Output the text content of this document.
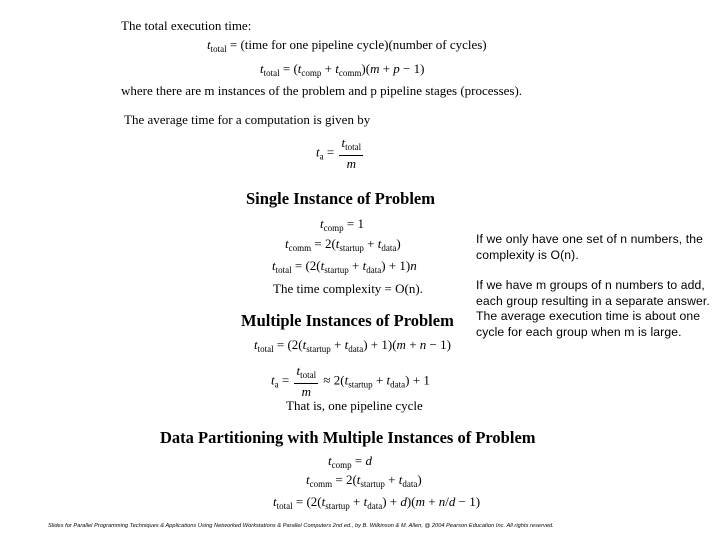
The total execution time:
$t_{total}$ = (time for one pipeline cycle)(number of cycles)
$t_{total} = (t_{comp} + t_{comm})(m + p - 1)$
where there are m instances of the problem and p pipeline stages (processes).
The average time for a computation is given by
$t_a = \frac{t_{total}}{m}$
Single Instance of Problem
$t_{comp} = 1$
$t_{comm} = 2(t_{startup} + t_{data})$
$t_{total} = (2(t_{startup} + t_{data}) + 1)n$
The time complexity = O(n).
Multiple Instances of Problem
$t_{total} = (2(t_{startup} + t_{data}) + 1)(m + n - 1)$
$t_a = \frac{t_{total}}{m} \approx 2(t_{startup} + t_{data}) + 1$
That is, one pipeline cycle
Data Partitioning with Multiple Instances of Problem
$t_{comp} = d$
$t_{comm} = 2(t_{startup} + t_{data})$
$t_{total} = (2(t_{startup} + t_{data}) + d)(m + n/d - 1)$

If we only have one set of n numbers, the complexity is O(n).

If we have m groups of n numbers to add, each group resulting in a separate answer. The average execution time is about one cycle for each group when m is large.

Slides for Parallel Programming Techniques & Applications Using Networked Workstations & Parallel Computers 2nd ed., by B. Wilkinson & M. Allen, @ 2004 Pearson Education Inc. All rights reserved.
